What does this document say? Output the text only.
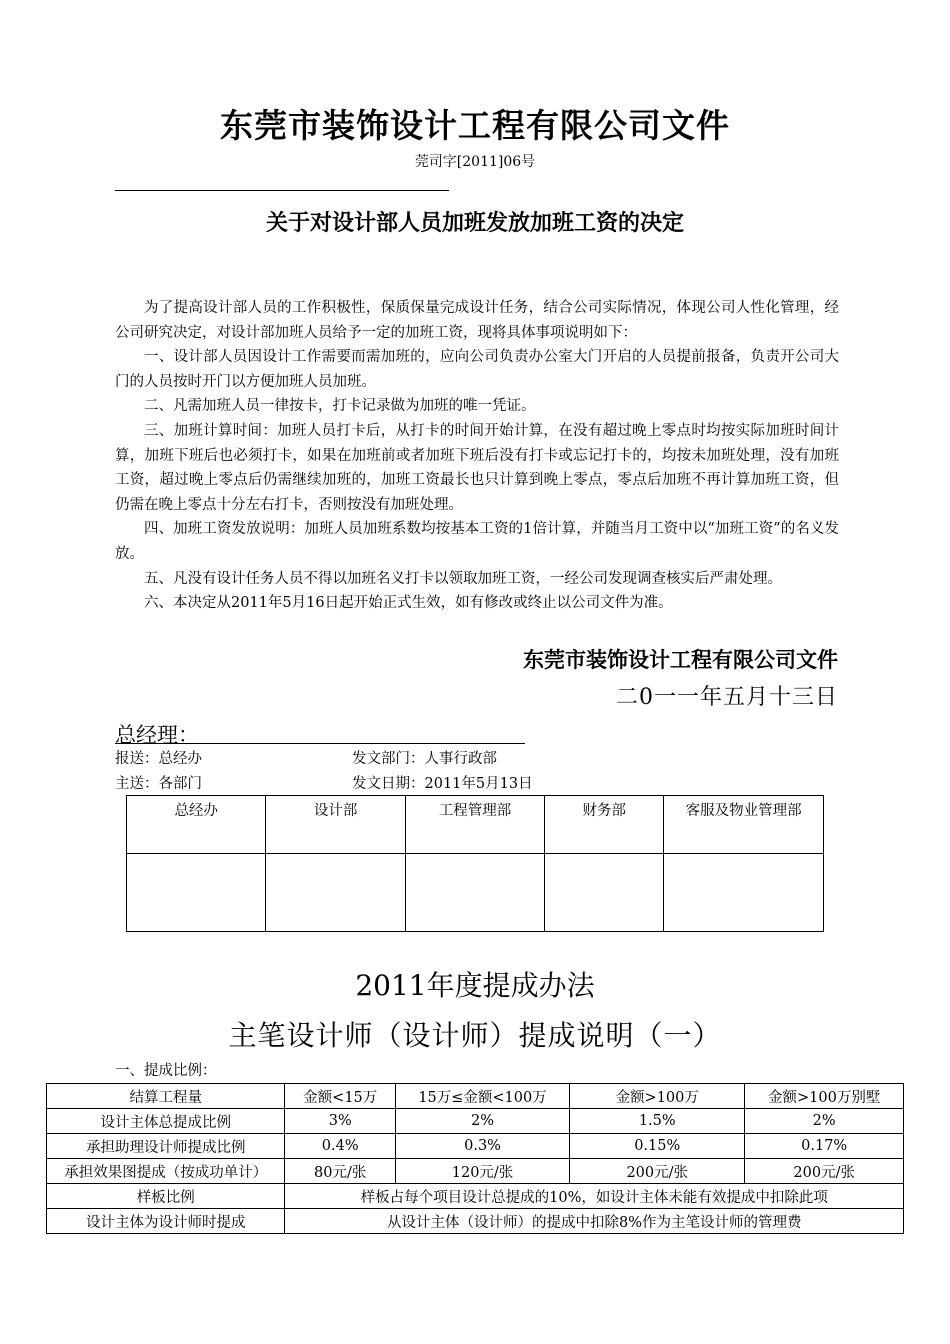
东莞市装饰设计工程有限公司文件
莞司字[2011]06号
关于对设计部人员加班发放加班工资的决定

为了提高设计部人员的工作积极性，保质保量完成设计任务，结合公司实际情况，体现公司人性化管理，经公司研究决定，对设计部加班人员给予一定的加班工资，现将具体事项说明如下：

一、设计部人员因设计工作需要而需加班的，应向公司负责办公室大门开启的人员提前报备，负责开公司大门的人员按时开门以方便加班人员加班。

二、凡需加班人员一律按卡，打卡记录做为加班的唯一凭证。

三、加班计算时间：加班人员打卡后，从打卡的时间开始计算，在没有超过晚上零点时均按实际加班时间计算，加班下班后也必须打卡，如果在加班前或者加班下班后没有打卡或忘记打卡的，均按未加班处理，没有加班工资，超过晚上零点后仍需继续加班的，加班工资最长也只计算到晚上零点，零点后加班不再计算加班工资，但仍需在晚上零点十分左右打卡，否则按没有加班处理。

四、加班工资发放说明：加班人员加班系数均按基本工资的1倍计算，并随当月工资中以“加班工资”的名义发放。

五、凡没有设计任务人员不得以加班名义打卡以领取加班工资，一经公司发现调查核实后严肃处理。

六、本决定从2011年5月16日起开始正式生效，如有修改或终止以公司文件为准。

东莞市装饰设计工程有限公司文件
二0一一年五月十三日
总经理：
报送：总经办	发文部门：人事行政部
主送：各部门	发文日期：2011年5月13日
总经办	设计部	工程管理部	财务部	客服及物业管理部

2011年度提成办法
主笔设计师（设计师）提成说明（一）
一、提成比例：
结算工程量	金额<15万	15万≤金额<100万	金额>100万	金额>100万别墅
设计主体总提成比例	3%	2%	1.5%	2%
承担助理设计师提成比例	0.4%	0.3%	0.15%	0.17%
承担效果图提成（按成功单计）	80元/张	120元/张	200元/张	200元/张
样板比例	样板占每个项目设计总提成的10%，如设计主体未能有效提成中扣除此项			
设计主体为设计师时提成	从设计主体（设计师）的提成中扣除8%作为主笔设计师的管理费			
